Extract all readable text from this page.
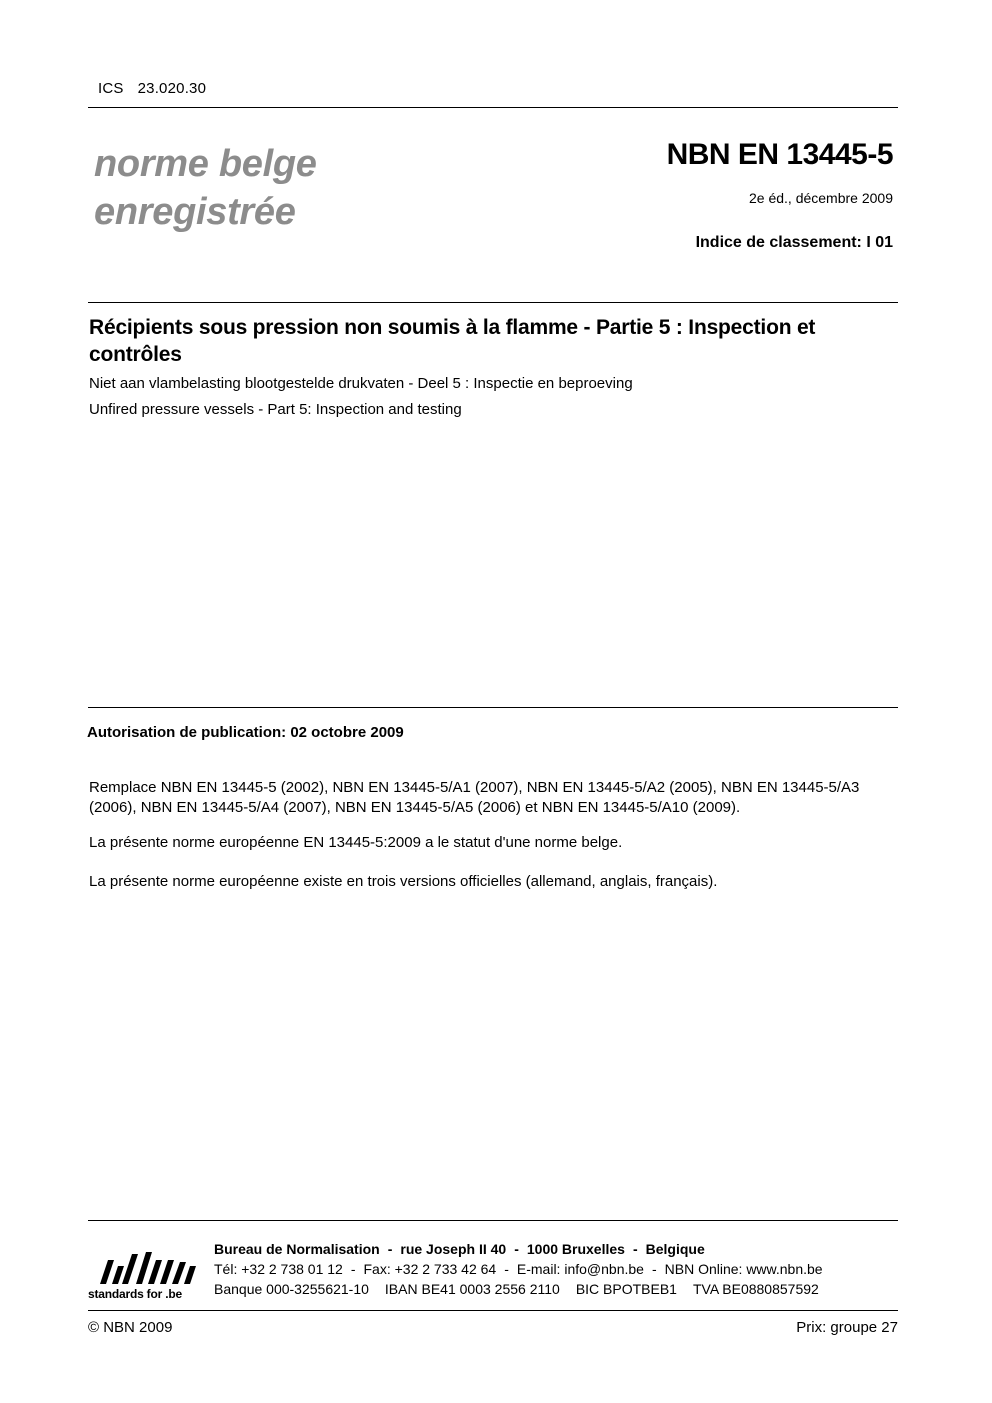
ICS 23.020.30
norme belge
enregistrée
NBN EN 13445-5
2e éd., décembre 2009
Indice de classement: I 01
Récipients sous pression non soumis à la flamme - Partie 5 : Inspection et contrôles
Niet aan vlambelasting blootgestelde drukvaten - Deel 5 : Inspectie en beproeving
Unfired pressure vessels - Part 5: Inspection and testing
Autorisation de publication: 02 octobre 2009
Remplace NBN EN 13445-5 (2002), NBN EN 13445-5/A1 (2007), NBN EN 13445-5/A2 (2005), NBN EN 13445-5/A3 (2006), NBN EN 13445-5/A4 (2007), NBN EN 13445-5/A5 (2006) et NBN EN 13445-5/A10 (2009).
La présente norme européenne EN 13445-5:2009 a le statut d'une norme belge.
La présente norme européenne existe en trois versions officielles (allemand, anglais, français).
standards for .be
Bureau de Normalisation - rue Joseph II 40 - 1000 Bruxelles - Belgique
Tél: +32 2 738 01 12 - Fax: +32 2 733 42 64 - E-mail: info@nbn.be - NBN Online: www.nbn.be
Banque 000-3255621-10 IBAN BE41 0003 2556 2110 BIC BPOTBEB1 TVA BE0880857592
© NBN 2009	Prix: groupe 27
